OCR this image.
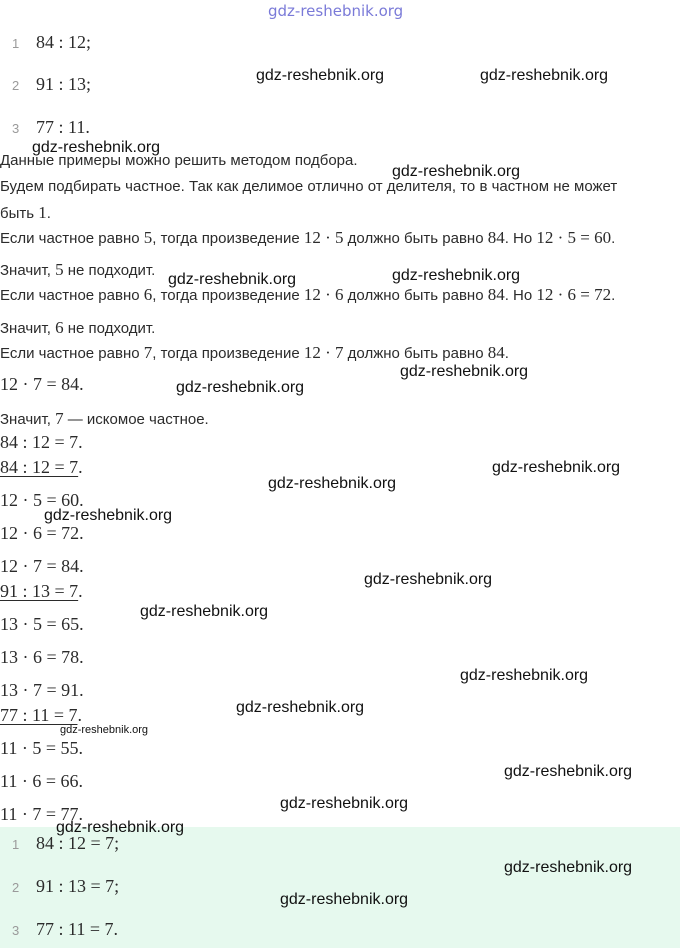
gdz-reshebnik.org
1 84 : 12;
2 91 : 13;
3 77 : 11.
Данные примеры можно решить методом подбора.
Будем подбирать частное. Так как делимое отлично от делителя, то в частном не может
быть 1.
Если частное равно 5, тогда произведение 12 · 5 должно быть равно 84. Но 12 · 5 = 60.
Значит, 5 не подходит.
Если частное равно 6, тогда произведение 12 · 6 должно быть равно 84. Но 12 · 6 = 72.
Значит, 6 не подходит.
Если частное равно 7, тогда произведение 12 · 7 должно быть равно 84.
12 · 7 = 84.
Значит, 7 — искомое частное.
84 : 12 = 7.
84 : 12 = 7.
12 · 5 = 60.
12 · 6 = 72.
12 · 7 = 84.
91 : 13 = 7.
13 · 5 = 65.
13 · 6 = 78.
13 · 7 = 91.
77 : 11 = 7.
11 · 5 = 55.
11 · 6 = 66.
11 · 7 = 77.
1 84 : 12 = 7;
2 91 : 13 = 7;
3 77 : 11 = 7.
gdz-reshebnik.org	gdz-reshebnik.org
gdz-reshebnik.org
gdz-reshebnik.org
gdz-reshebnik.org	gdz-reshebnik.org
gdz-reshebnik.org
gdz-reshebnik.org
gdz-reshebnik.org
gdz-reshebnik.org
gdz-reshebnik.org
gdz-reshebnik.org
gdz-reshebnik.org
gdz-reshebnik.org
gdz-reshebnik.org
gdz-reshebnik.org
gdz-reshebnik.org
gdz-reshebnik.org
gdz-reshebnik.org
gdz-reshebnik.org
gdz-reshebnik.org
